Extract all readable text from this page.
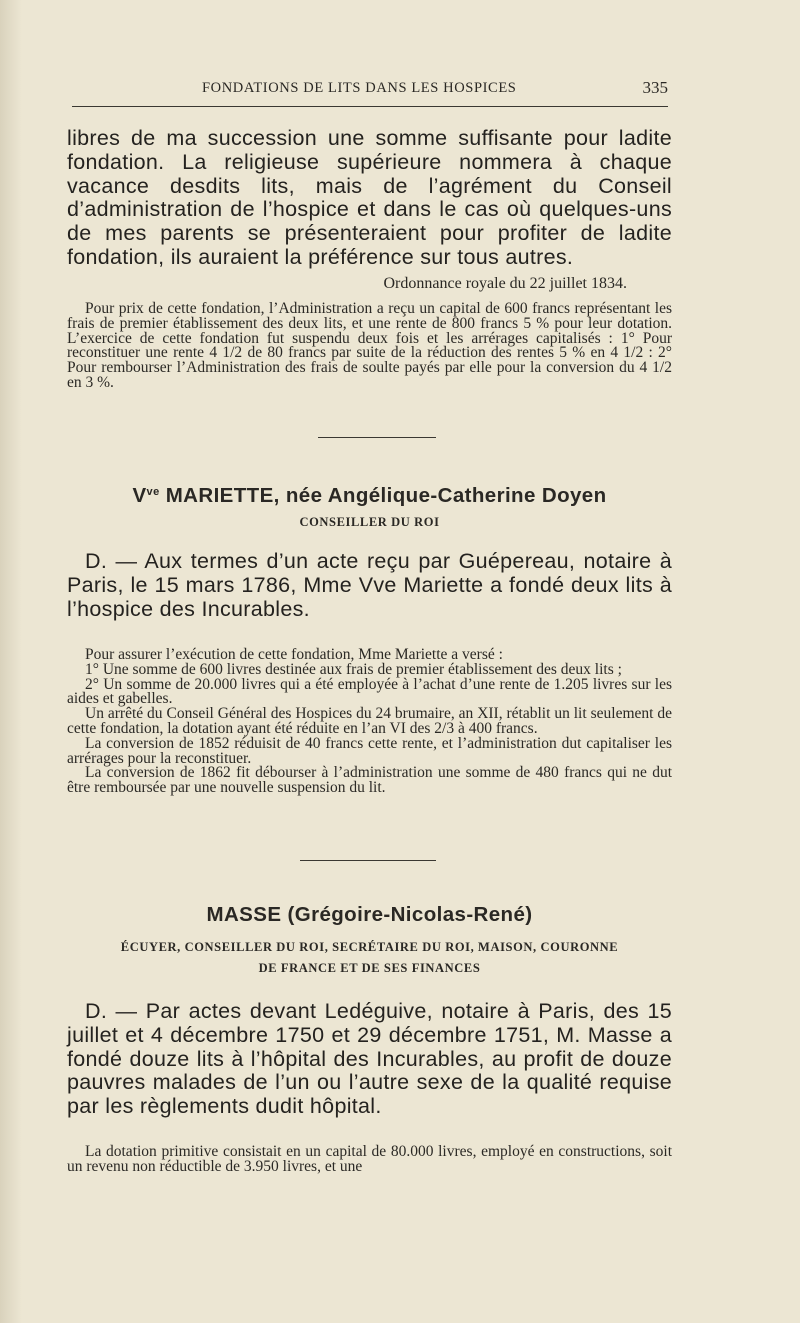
FONDATIONS DE LITS DANS LES HOSPICES	335

libres de ma succession une somme suffisante pour ladite fondation. La religieuse supérieure nommera à chaque vacance desdits lits, mais de l’agrément du Conseil d’administration de l’hospice et dans le cas où quelques-uns de mes parents se présenteraient pour profiter de ladite fondation, ils auraient la préférence sur tous autres.

Ordonnance royale du 22 juillet 1834.

Pour prix de cette fondation, l’Administration a reçu un capital de 600 francs représentant les frais de premier établissement des deux lits, et une rente de 800 francs 5 % pour leur dotation. L’exercice de cette fondation fut suspendu deux fois et les arrérages capitalisés : 1° Pour reconstituer une rente 4 1/2 de 80 francs par suite de la réduction des rentes 5 % en 4 1/2 : 2° Pour rembourser l’Administration des frais de soulte payés par elle pour la conversion du 4 1/2 en 3 %.

$V^{ve}$ MARIETTE, née Angélique-Catherine Doyen

CONSEILLER DU ROI

D. — Aux termes d’un acte reçu par Guépereau, notaire à Paris, le 15 mars 1786, Mme Vve Mariette a fondé deux lits à l’hospice des Incurables.

Pour assurer l’exécution de cette fondation, Mme Mariette a versé :

1° Une somme de 600 livres destinée aux frais de premier établissement des deux lits ;

2° Un somme de 20.000 livres qui a été employée à l’achat d’une rente de 1.205 livres sur les aides et gabelles.

Un arrêté du Conseil Général des Hospices du 24 brumaire, an XII, rétablit un lit seulement de cette fondation, la dotation ayant été réduite en l’an VI des 2/3 à 400 francs.

La conversion de 1852 réduisit de 40 francs cette rente, et l’administration dut capitaliser les arrérages pour la reconstituer.

La conversion de 1862 fit débourser à l’administration une somme de 480 francs qui ne dut être remboursée par une nouvelle suspension du lit.

MASSE (Grégoire-Nicolas-René)

ÉCUYER, CONSEILLER DU ROI, SECRÉTAIRE DU ROI, MAISON, COURONNE

DE FRANCE ET DE SES FINANCES

D. — Par actes devant Ledéguive, notaire à Paris, des 15 juillet et 4 décembre 1750 et 29 décembre 1751, M. Masse a fondé douze lits à l’hôpital des Incurables, au profit de douze pauvres malades de l’un ou l’autre sexe de la qualité requise par les règlements dudit hôpital.

La dotation primitive consistait en un capital de 80.000 livres, employé en constructions, soit un revenu non réductible de 3.950 livres, et une
